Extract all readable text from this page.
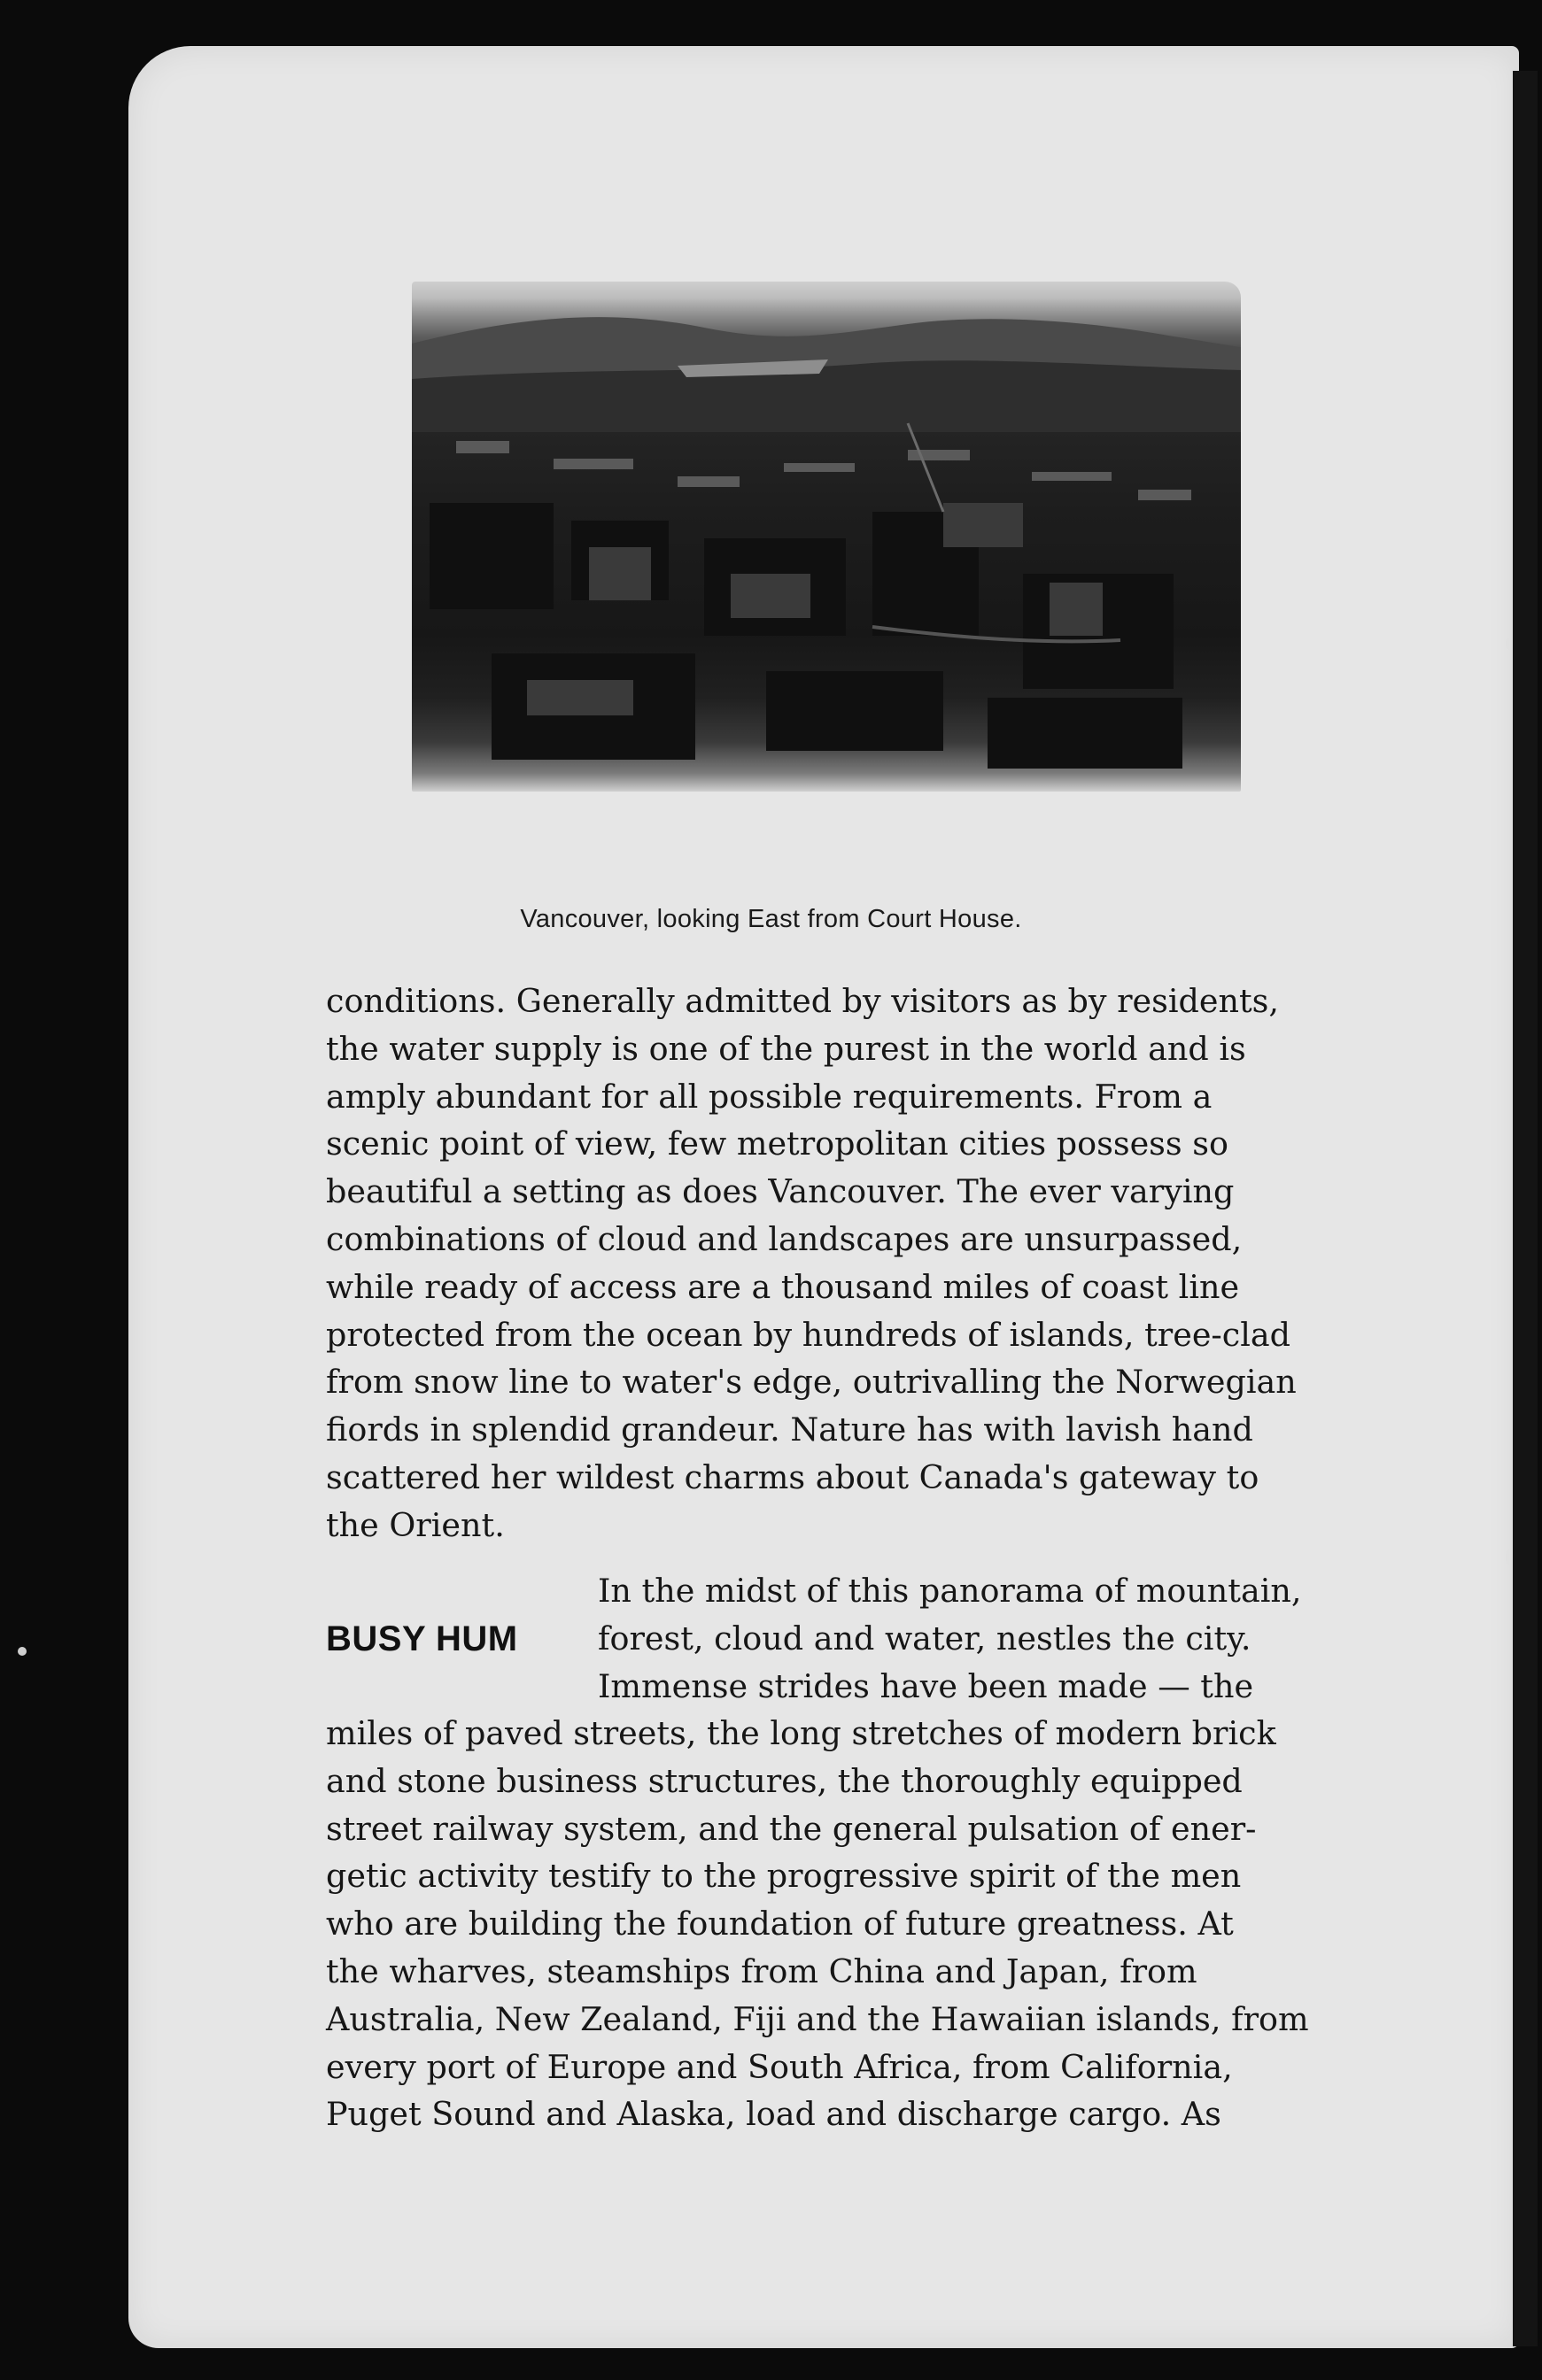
Vancouver, looking East from Court House.

conditions. Generally admitted by visitors as by residents,
the water supply is one of the purest in the world and is
amply abundant for all possible requirements. From a
scenic point of view, few metropolitan cities possess so
beautiful a setting as does Vancouver. The ever varying
combinations of cloud and landscapes are unsurpassed,
while ready of access are a thousand miles of coast line
protected from the ocean by hundreds of islands, tree-clad
from snow line to water's edge, outrivalling the Norwegian
fiords in splendid grandeur. Nature has with lavish hand
scattered her wildest charms about Canada's gateway to
the Orient.

BUSY HUM

In the midst of this panorama of mountain,
forest, cloud and water, nestles the city.
Immense strides have been made — the

miles of paved streets, the long stretches of modern brick
and stone business structures, the thoroughly equipped
street railway system, and the general pulsation of ener-
getic activity testify to the progressive spirit of the men
who are building the foundation of future greatness. At
the wharves, steamships from China and Japan, from
Australia, New Zealand, Fiji and the Hawaiian islands, from
every port of Europe and South Africa, from California,
Puget Sound and Alaska, load and discharge cargo. As
